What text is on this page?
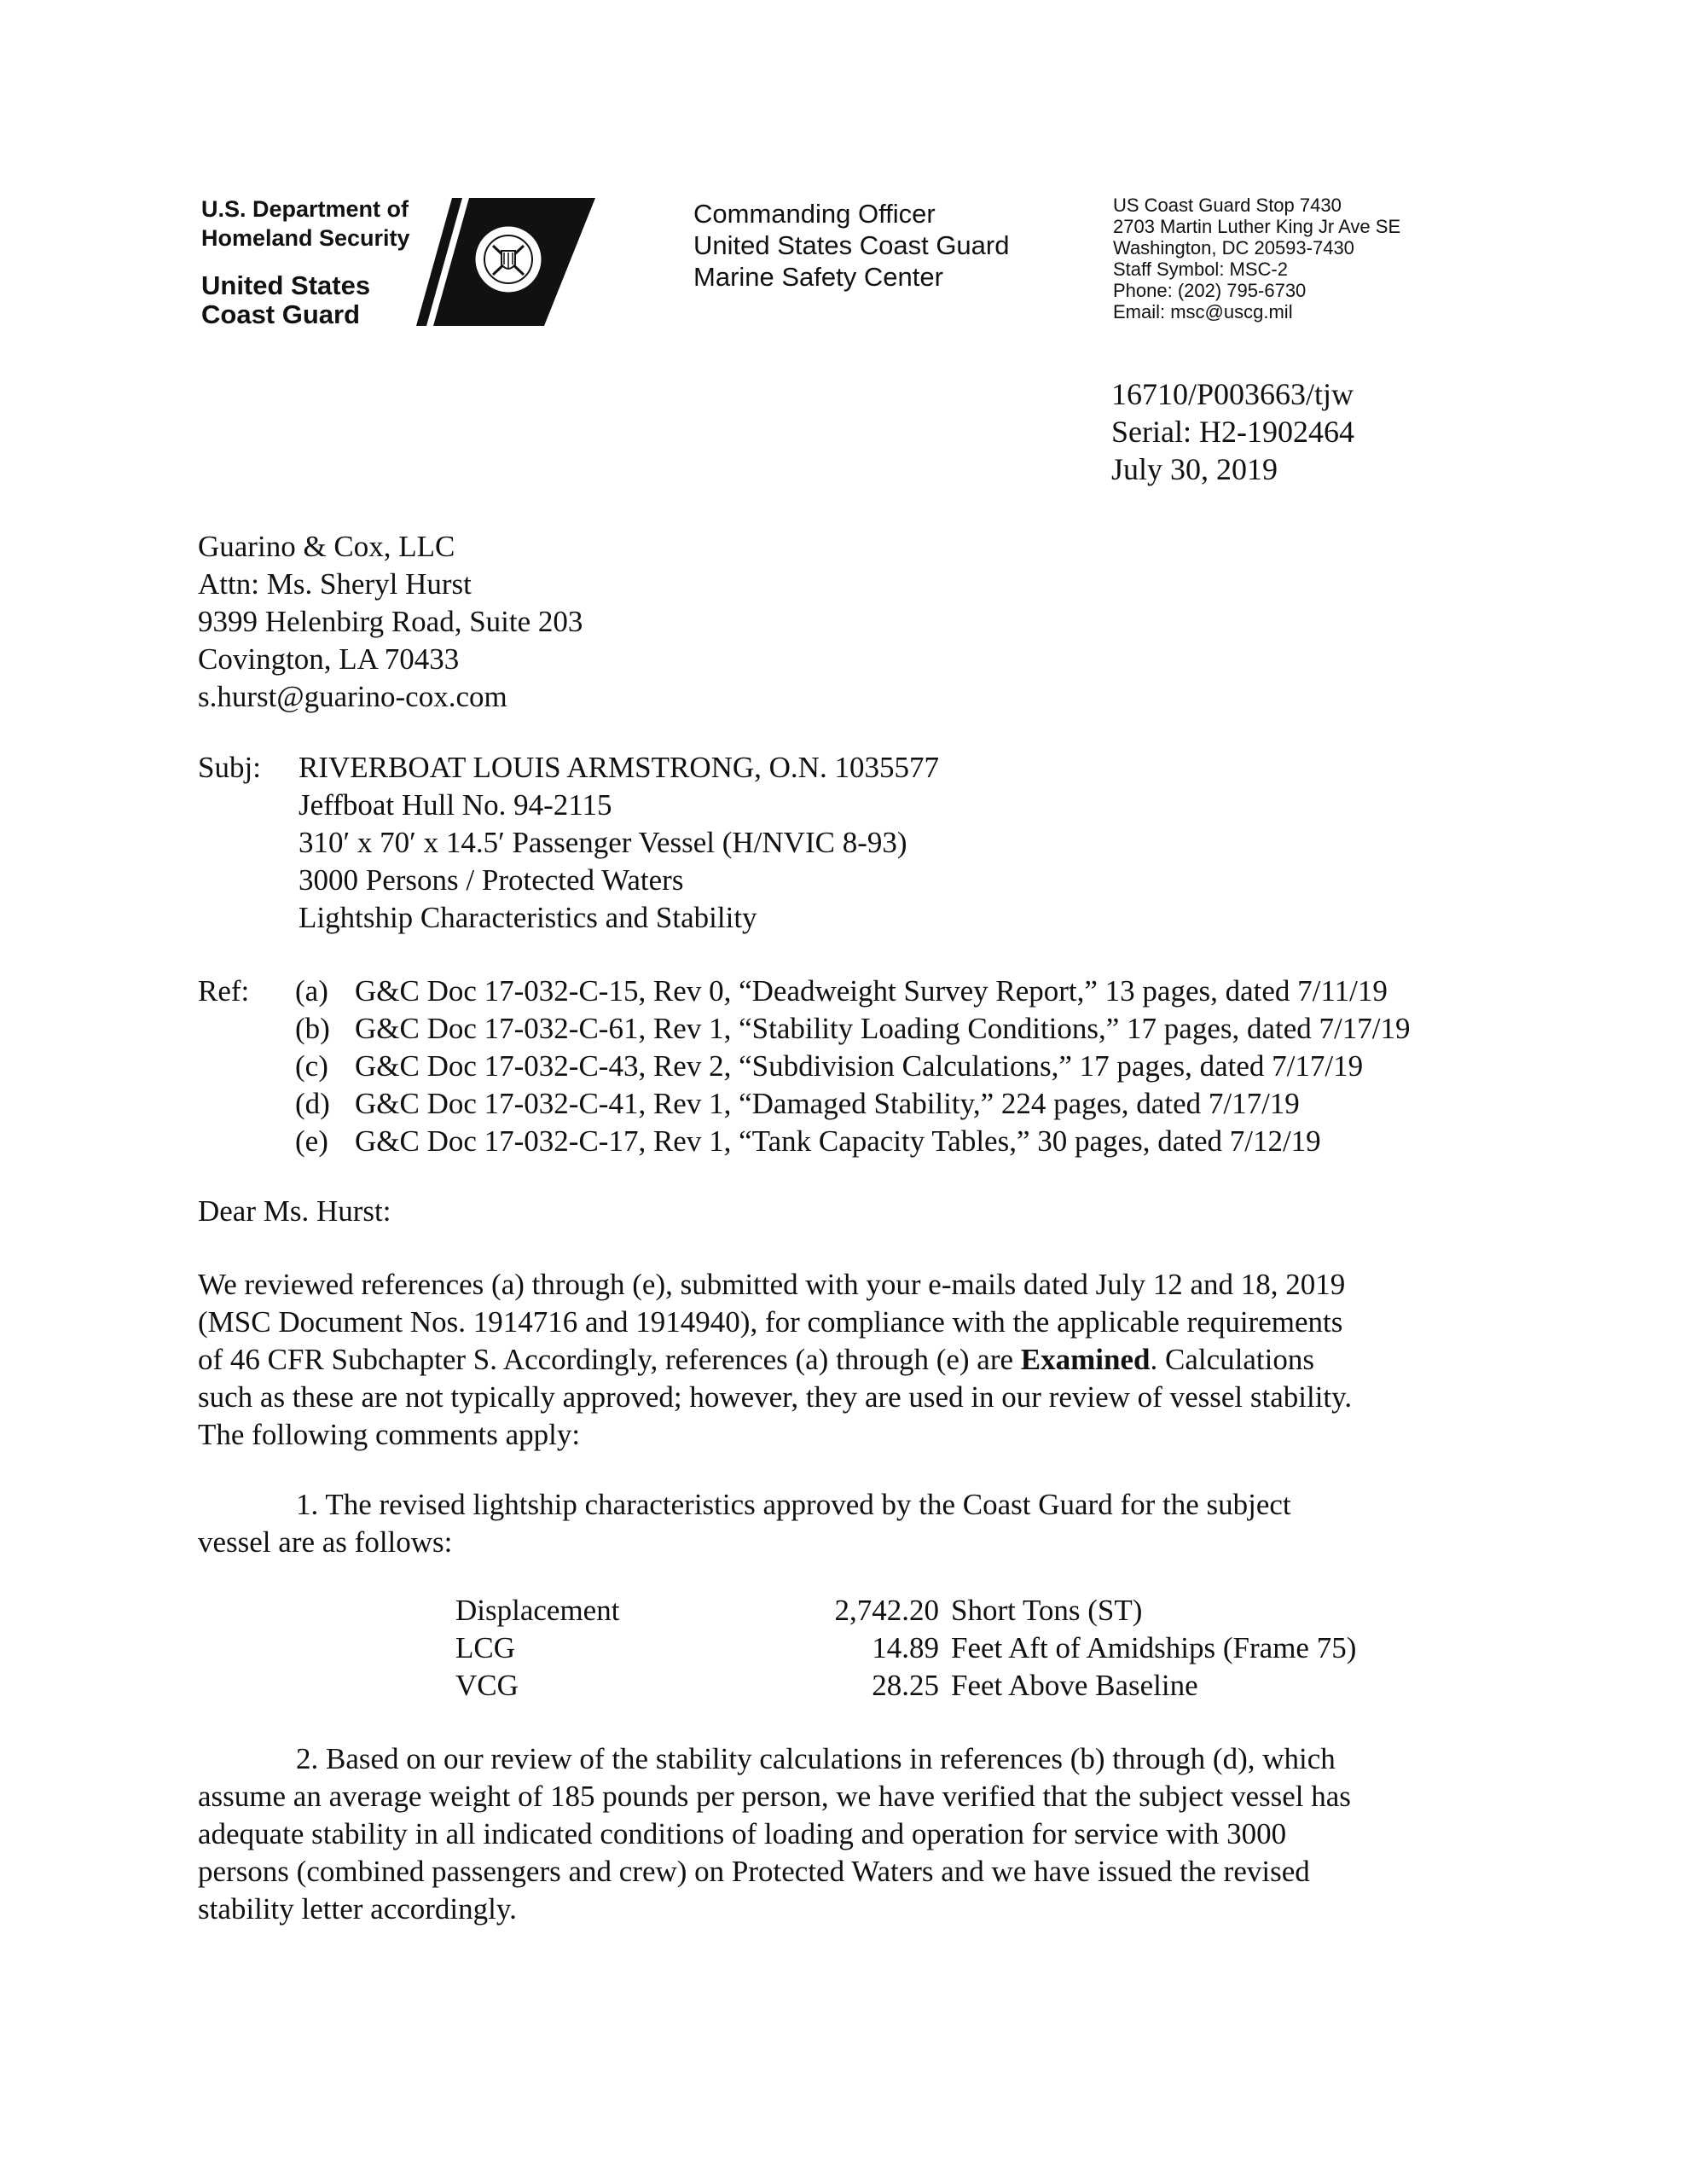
U.S. Department of
Homeland Security
United States
Coast Guard
Commanding Officer
United States Coast Guard
Marine Safety Center
US Coast Guard Stop 7430
2703 Martin Luther King Jr Ave SE
Washington, DC 20593-7430
Staff Symbol: MSC-2
Phone: (202) 795-6730
Email: msc@uscg.mil
16710/P003663/tjw
Serial: H2-1902464
July 30, 2019
Guarino & Cox, LLC
Attn: Ms. Sheryl Hurst
9399 Helenbirg Road, Suite 203
Covington, LA 70433
s.hurst@guarino-cox.com
Subj: RIVERBOAT LOUIS ARMSTRONG, O.N. 1035577
Jeffboat Hull No. 94-2115
310′ x 70′ x 14.5′ Passenger Vessel (H/NVIC 8-93)
3000 Persons / Protected Waters
Lightship Characteristics and Stability
Ref: (a) G&C Doc 17-032-C-15, Rev 0, “Deadweight Survey Report,” 13 pages, dated 7/11/19
(b) G&C Doc 17-032-C-61, Rev 1, “Stability Loading Conditions,” 17 pages, dated 7/17/19
(c) G&C Doc 17-032-C-43, Rev 2, “Subdivision Calculations,” 17 pages, dated 7/17/19
(d) G&C Doc 17-032-C-41, Rev 1, “Damaged Stability,” 224 pages, dated 7/17/19
(e) G&C Doc 17-032-C-17, Rev 1, “Tank Capacity Tables,” 30 pages, dated 7/12/19
Dear Ms. Hurst:
We reviewed references (a) through (e), submitted with your e-mails dated July 12 and 18, 2019
(MSC Document Nos. 1914716 and 1914940), for compliance with the applicable requirements
of 46 CFR Subchapter S. Accordingly, references (a) through (e) are Examined. Calculations
such as these are not typically approved; however, they are used in our review of vessel stability.
The following comments apply:
1. The revised lightship characteristics approved by the Coast Guard for the subject
vessel are as follows:
Displacement	2,742.20 Short Tons (ST)
LCG	14.89 Feet Aft of Amidships (Frame 75)
VCG	28.25 Feet Above Baseline
2. Based on our review of the stability calculations in references (b) through (d), which
assume an average weight of 185 pounds per person, we have verified that the subject vessel has
adequate stability in all indicated conditions of loading and operation for service with 3000
persons (combined passengers and crew) on Protected Waters and we have issued the revised
stability letter accordingly.
